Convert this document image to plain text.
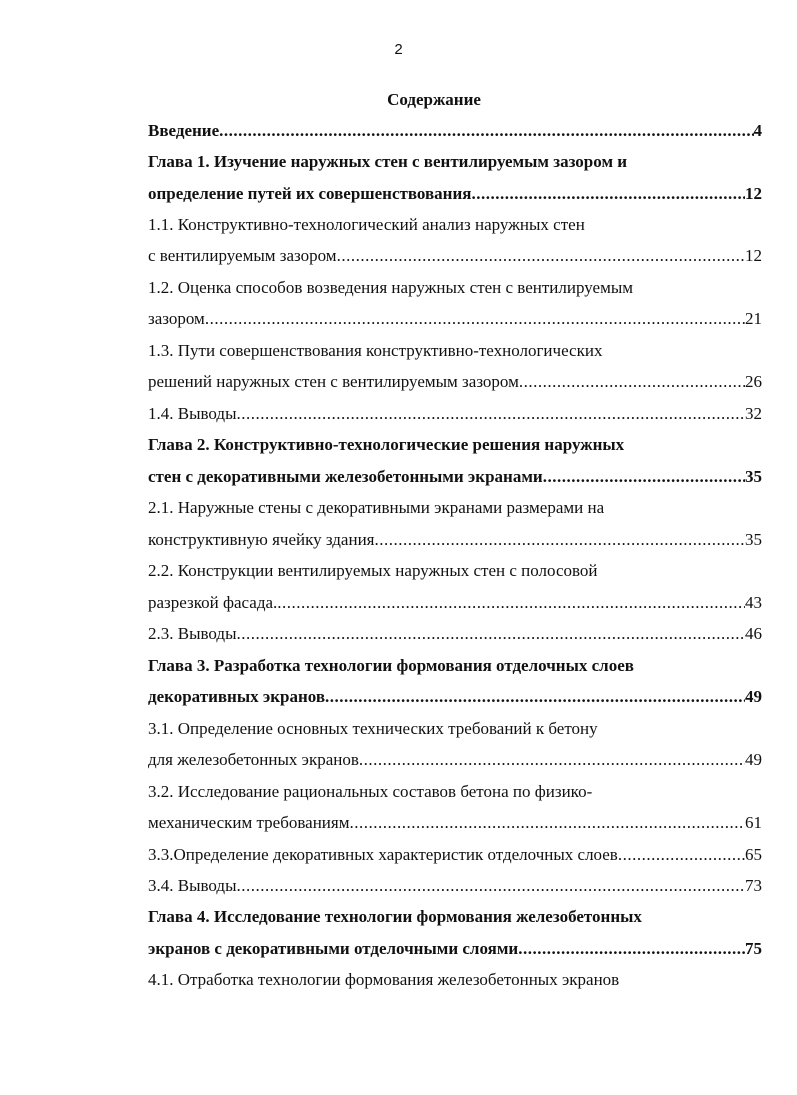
2
Содержание
Введение .....	4
Глава 1. Изучение наружных стен с вентилируемым зазором и
определение путей их совершенствования .....	12
1.1. Конструктивно-технологический анализ наружных стен
с вентилируемым зазором .....	12
1.2. Оценка способов возведения наружных стен с вентилируемым
зазором .....	21
1.3. Пути совершенствования конструктивно-технологических
решений наружных стен с вентилируемым зазором .....	26
1.4. Выводы .....	32
Глава 2. Конструктивно-технологические решения наружных
стен с декоративными железобетонными экранами .....	35
2.1. Наружные стены с декоративными экранами размерами на
конструктивную ячейку здания .....	35
2.2. Конструкции вентилируемых наружных стен с полосовой
разрезкой фасада. .....	43
2.3. Выводы .....	46
Глава 3. Разработка технологии формования отделочных слоев
декоративных экранов .....	49
3.1. Определение основных технических требований к бетону
для железобетонных экранов .....	49
3.2. Исследование рациональных составов бетона по физико-
механическим требованиям .....	61
3.3.Определение декоративных характеристик отделочных слоев .....	65
3.4. Выводы .....	73
Глава 4. Исследование технологии формования железобетонных
экранов с декоративными отделочными слоями .....	75
4.1. Отработка технологии формования железобетонных экранов
